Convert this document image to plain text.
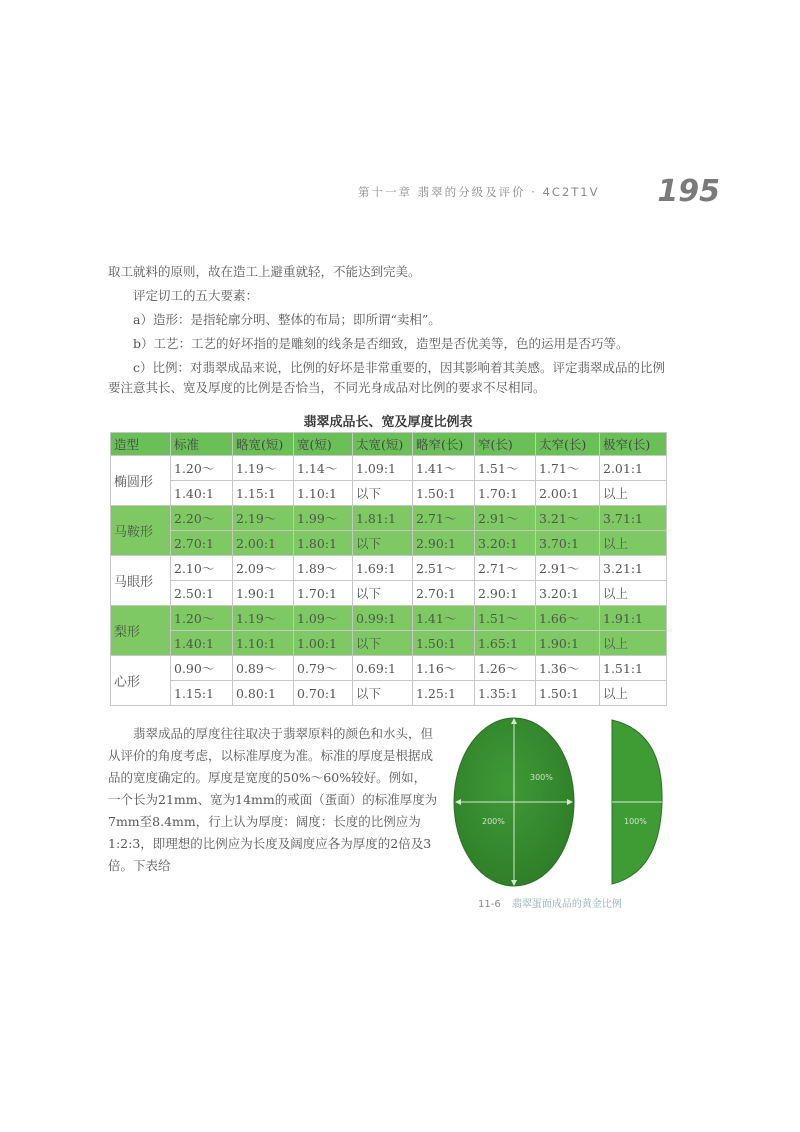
第十一章 翡翠的分级及评价 · 4C2T1V 195
取工就料的原则，故在造工上避重就轻，不能达到完美。
评定切工的五大要素：
a）造形：是指轮廓分明、整体的布局；即所谓“卖相”。
b）工艺：工艺的好坏指的是雕刻的线条是否细致，造型是否优美等，色的运用是否巧等。
c）比例：对翡翠成品来说，比例的好坏是非常重要的，因其影响着其美感。评定翡翠成品的比例要注意其长、宽及厚度的比例是否恰当，不同光身成品对比例的要求不尽相同。
翡翠成品长、宽及厚度比例表
造型	标准	略宽(短)	宽(短)	太宽(短)	略窄(长)	窄(长)	太窄(长)	极窄(长)
椭圆形	1.20～	1.19～	1.14～	1.09:1	1.41～	1.51～	1.71～	2.01:1
	1.40:1	1.15:1	1.10:1	以下	1.50:1	1.70:1	2.00:1	以上
马鞍形	2.20～	2.19～	1.99～	1.81:1	2.71～	2.91～	3.21～	3.71:1
	2.70:1	2.00:1	1.80:1	以下	2.90:1	3.20:1	3.70:1	以上
马眼形	2.10～	2.09～	1.89～	1.69:1	2.51～	2.71～	2.91～	3.21:1
	2.50:1	1.90:1	1.70:1	以下	2.70:1	2.90:1	3.20:1	以上
梨形	1.20～	1.19～	1.09～	0.99:1	1.41～	1.51～	1.66～	1.91:1
	1.40:1	1.10:1	1.00:1	以下	1.50:1	1.65:1	1.90:1	以上
心形	0.90～	0.89～	0.79～	0.69:1	1.16～	1.26～	1.36～	1.51:1
	1.15:1	0.80:1	0.70:1	以下	1.25:1	1.35:1	1.50:1	以上
翡翠成品的厚度往往取决于翡翠原料的颜色和水头，但从评价的角度考虑，以标准厚度为准。标准的厚度是根据成品的宽度确定的。厚度是宽度的50%～60%较好。例如，一个长为21mm、宽为14mm的戒面（蛋面）的标准厚度为7mm至8.4mm，行上认为厚度：阔度：长度的比例应为1:2:3，即理想的比例应为长度及阔度应各为厚度的2倍及3倍。下表给
300%
200%	100%
11-6 翡翠蛋面成品的黄金比例
